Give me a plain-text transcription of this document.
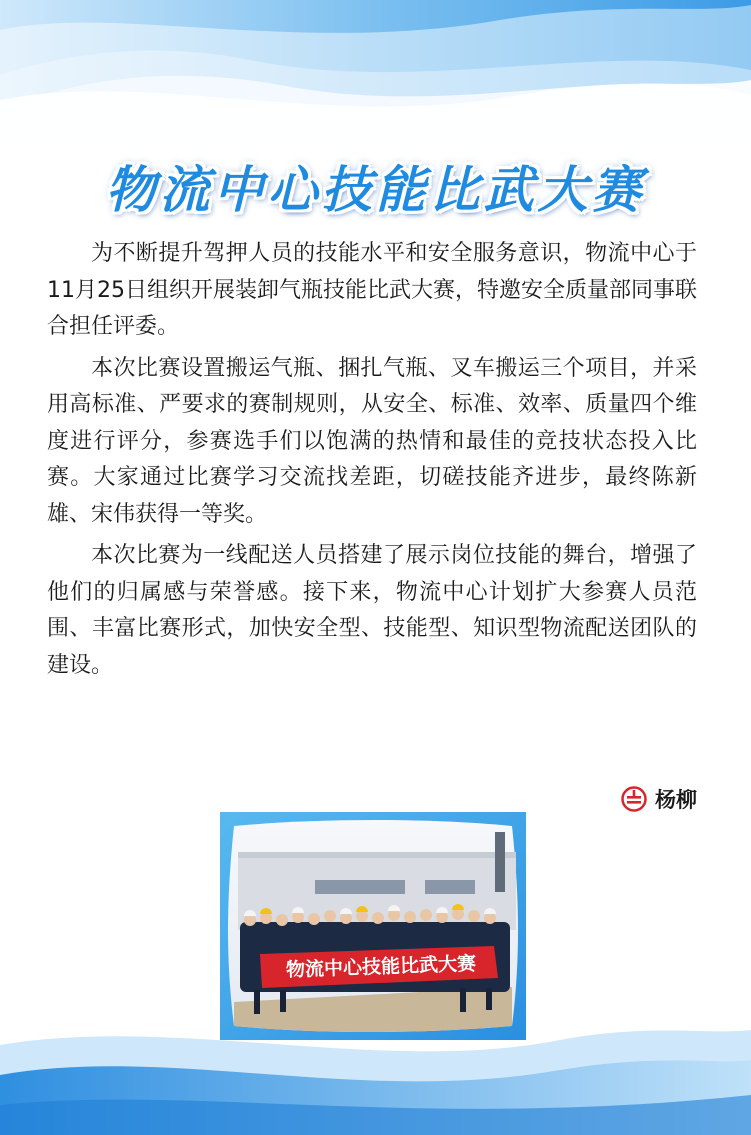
物流中心技能比武大赛

为不断提升驾押人员的技能水平和安全服务意识，物流中心于11月25日组织开展装卸气瓶技能比武大赛，特邀安全质量部同事联合担任评委。

本次比赛设置搬运气瓶、捆扎气瓶、叉车搬运三个项目，并采用高标准、严要求的赛制规则，从安全、标准、效率、质量四个维度进行评分，参赛选手们以饱满的热情和最佳的竞技状态投入比赛。大家通过比赛学习交流找差距，切磋技能齐进步，最终陈新雄、宋伟获得一等奖。

本次比赛为一线配送人员搭建了展示岗位技能的舞台，增强了他们的归属感与荣誉感。接下来，物流中心计划扩大参赛人员范围、丰富比赛形式，加快安全型、技能型、知识型物流配送团队的建设。

杨柳
物流中心技能比武大赛
